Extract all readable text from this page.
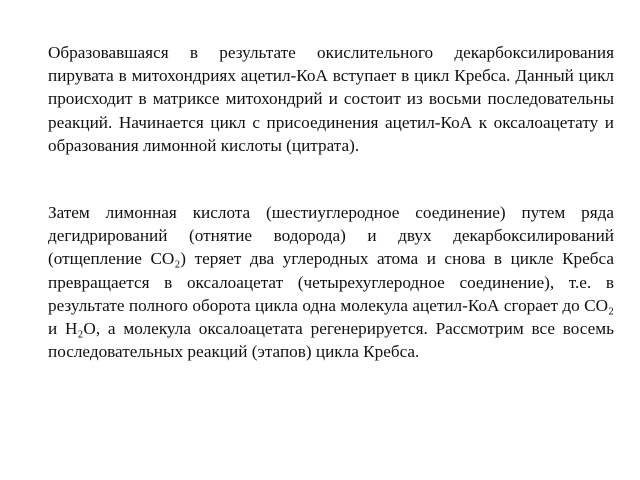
Образовавшаяся в результате окислительного декарбоксилирования пирувата в митохондриях ацетил-КоА вступает в цикл Кребса. Данный цикл происходит в матриксе митохондрий и состоит из восьми последовательны реакций. Начинается цикл с присоединения ацетил-КоА к оксалоацетату и образования лимонной кислоты (цитрата).

Затем лимонная кислота (шестиуглеродное соединение) путем ряда дегидрирований (отнятие водорода) и двух декарбоксилирований (отщепление CO₂) теряет два углеродных атома и снова в цикле Кребса превращается в оксалоацетат (четырехуглеродное соединение), т.е. в результате полного оборота цикла одна молекула ацетил-КоА сгорает до CO₂ и H₂O, а молекула оксалоацетата регенерируется. Рассмотрим все восемь последовательных реакций (этапов) цикла Кребса.
